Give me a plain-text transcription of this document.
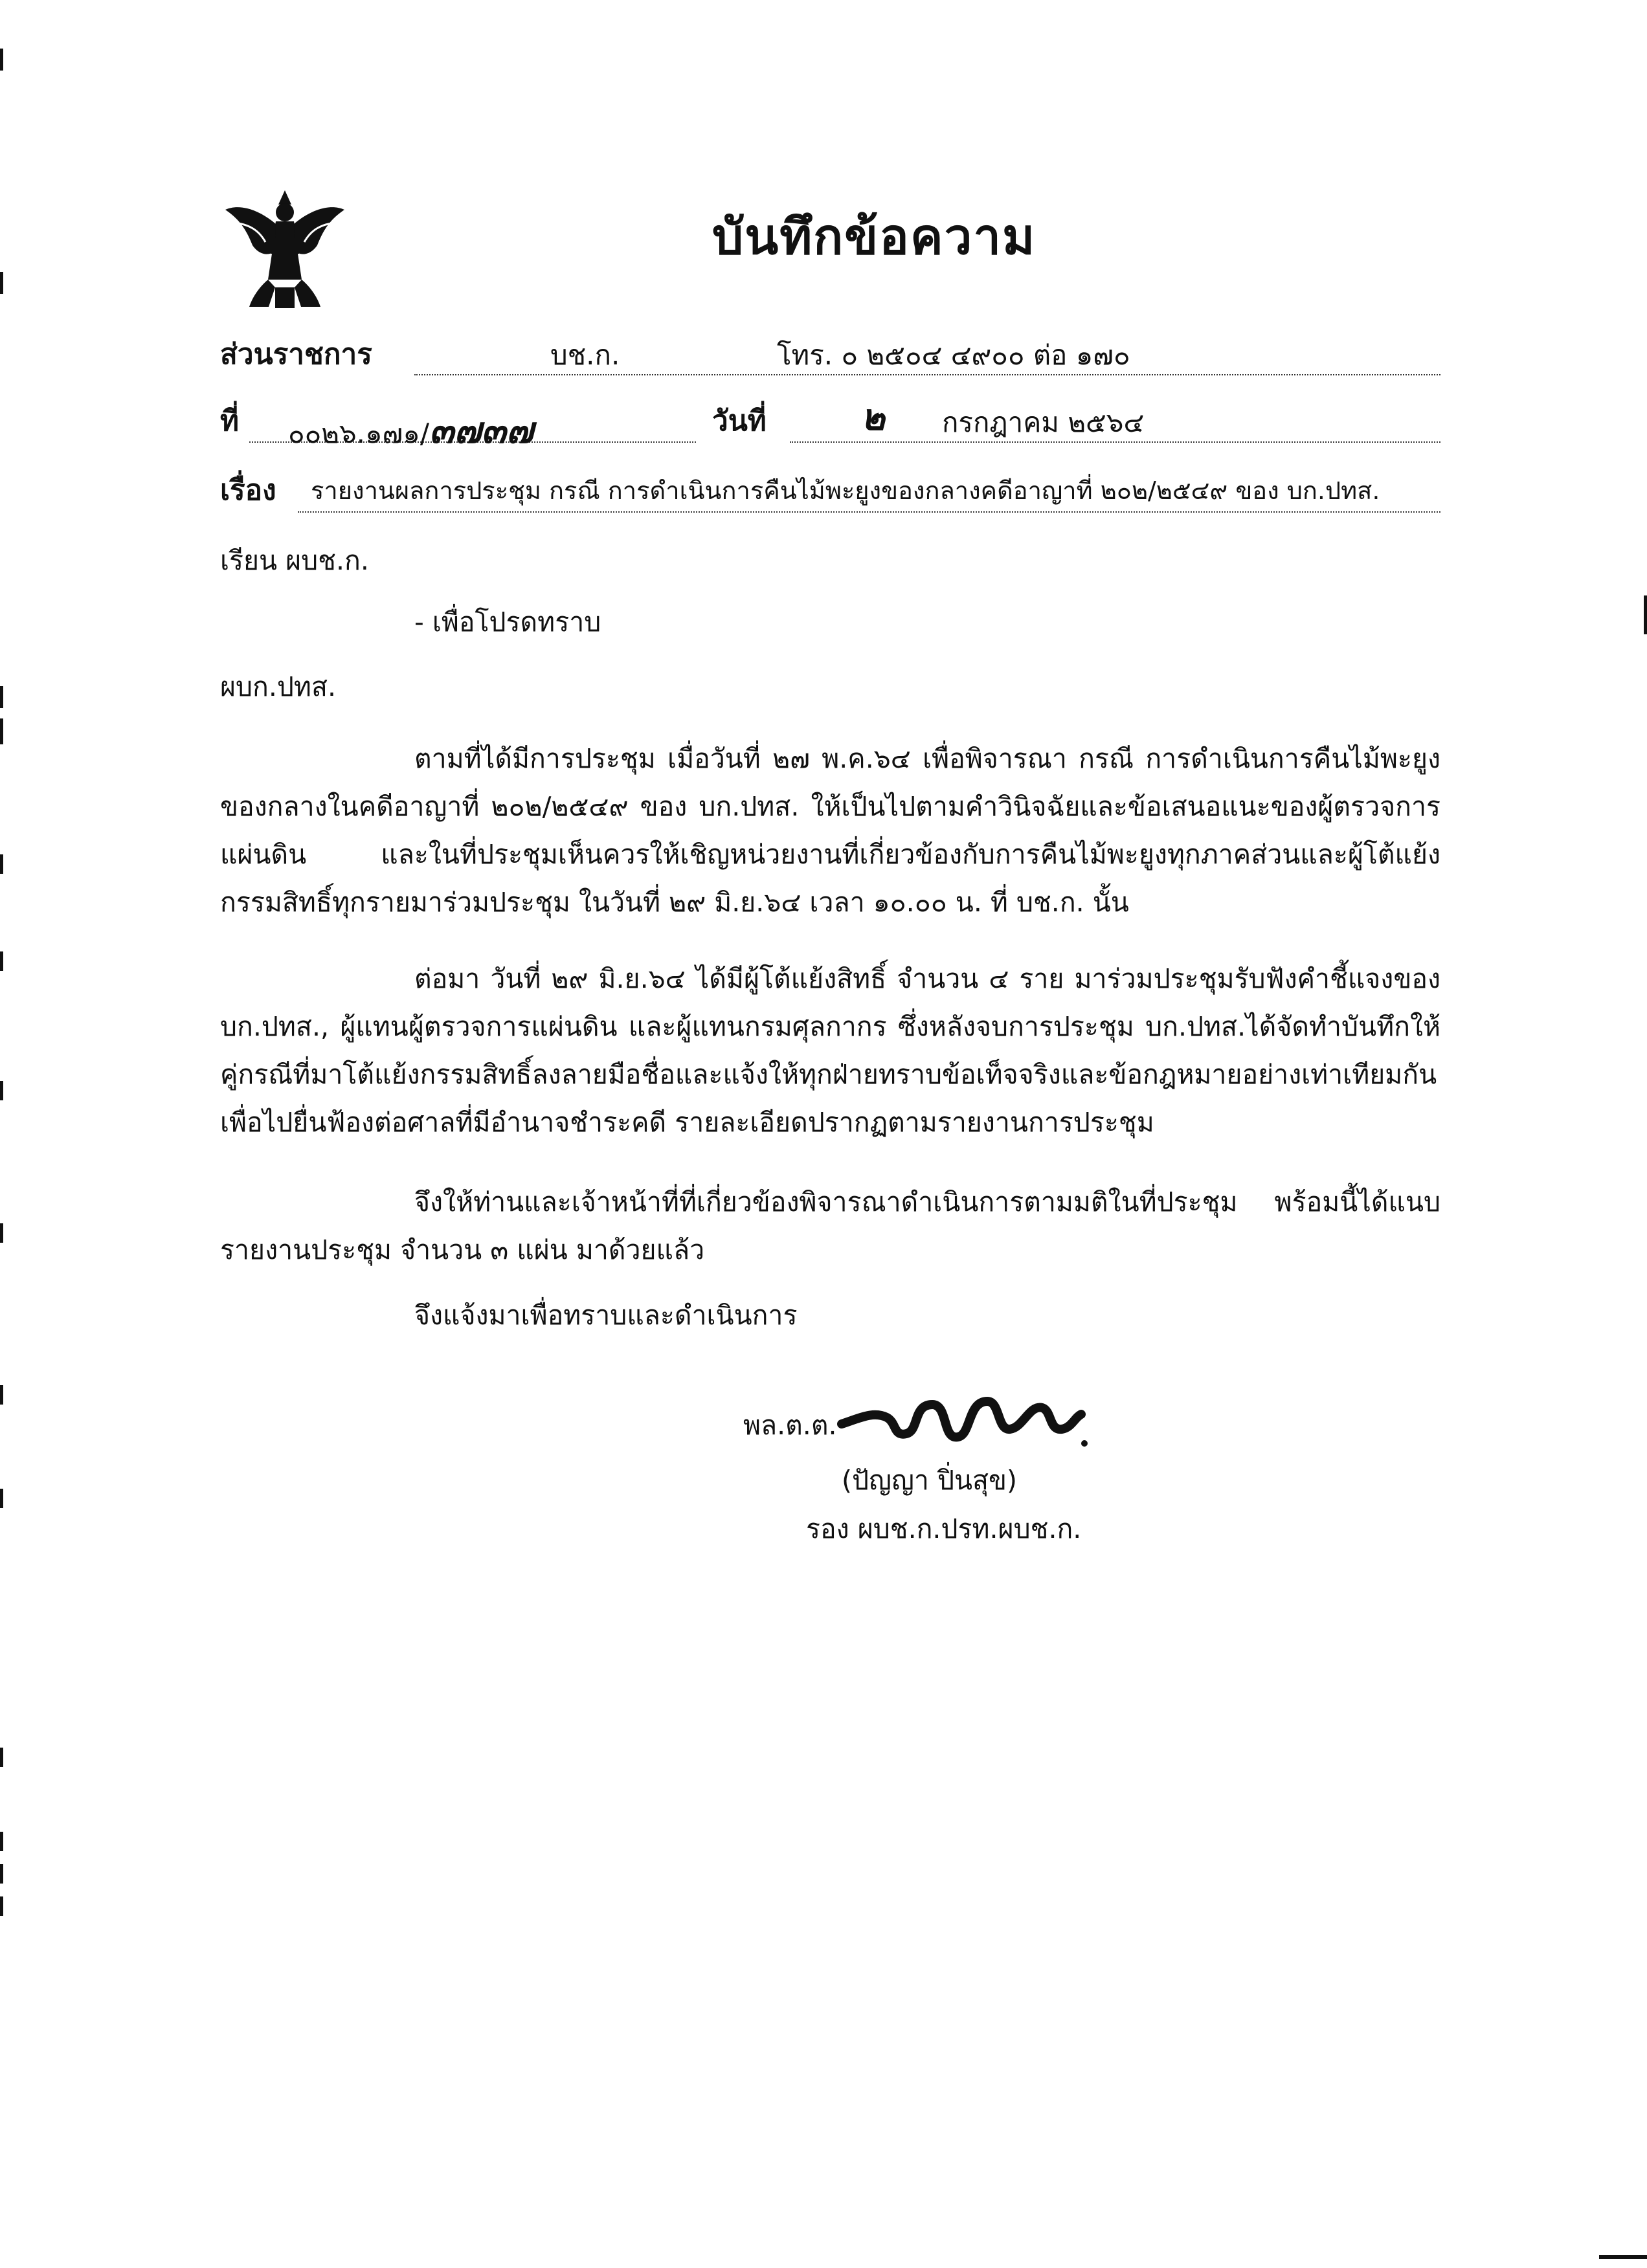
บันทึกข้อความ
ส่วนราชการ	บช.ก.	โทร. ๐ ๒๕๐๔ ๔๙๐๐ ต่อ ๑๗๐
ที่ ๐๐๒๖.๑๗๑/๓๗๓๗	วันที่	๒ กรกฎาคม ๒๕๖๔
เรื่อง รายงานผลการประชุม กรณี การดำเนินการคืนไม้พะยูงของกลางคดีอาญาที่ ๒๐๒/๒๕๔๙ ของ บก.ปทส.
เรียน ผบช.ก.
- เพื่อโปรดทราบ
ผบก.ปทส.
ตามที่ได้มีการประชุม เมื่อวันที่ ๒๗ พ.ค.๖๔ เพื่อพิจารณา กรณี การดำเนินการคืนไม้พะยูงของกลางในคดีอาญาที่ ๒๐๒/๒๕๔๙ ของ บก.ปทส. ให้เป็นไปตามคำวินิจฉัยและข้อเสนอแนะของผู้ตรวจการแผ่นดิน และในที่ประชุมเห็นควรให้เชิญหน่วยงานที่เกี่ยวข้องกับการคืนไม้พะยูงทุกภาคส่วนและผู้โต้แย้งกรรมสิทธิ์ทุกรายมาร่วมประชุม ในวันที่ ๒๙ มิ.ย.๖๔ เวลา ๑๐.๐๐ น. ที่ บช.ก. นั้น
ต่อมา วันที่ ๒๙ มิ.ย.๖๔ ได้มีผู้โต้แย้งสิทธิ์ จำนวน ๔ ราย มาร่วมประชุมรับฟังคำชี้แจงของ บก.ปทส., ผู้แทนผู้ตรวจการแผ่นดิน และผู้แทนกรมศุลกากร ซึ่งหลังจบการประชุม บก.ปทส.ได้จัดทำบันทึกให้คู่กรณีที่มาโต้แย้งกรรมสิทธิ์ลงลายมือชื่อและแจ้งให้ทุกฝ่ายทราบข้อเท็จจริงและข้อกฎหมายอย่างเท่าเทียมกันเพื่อไปยื่นฟ้องต่อศาลที่มีอำนาจชำระคดี รายละเอียดปรากฏตามรายงานการประชุม
จึงให้ท่านและเจ้าหน้าที่ที่เกี่ยวข้องพิจารณาดำเนินการตามมติในที่ประชุม พร้อมนี้ได้แนบรายงานประชุม จำนวน ๓ แผ่น มาด้วยแล้ว
จึงแจ้งมาเพื่อทราบและดำเนินการ
พล.ต.ต.
(ปัญญา ปิ่นสุข)
รอง ผบช.ก.ปรท.ผบช.ก.
